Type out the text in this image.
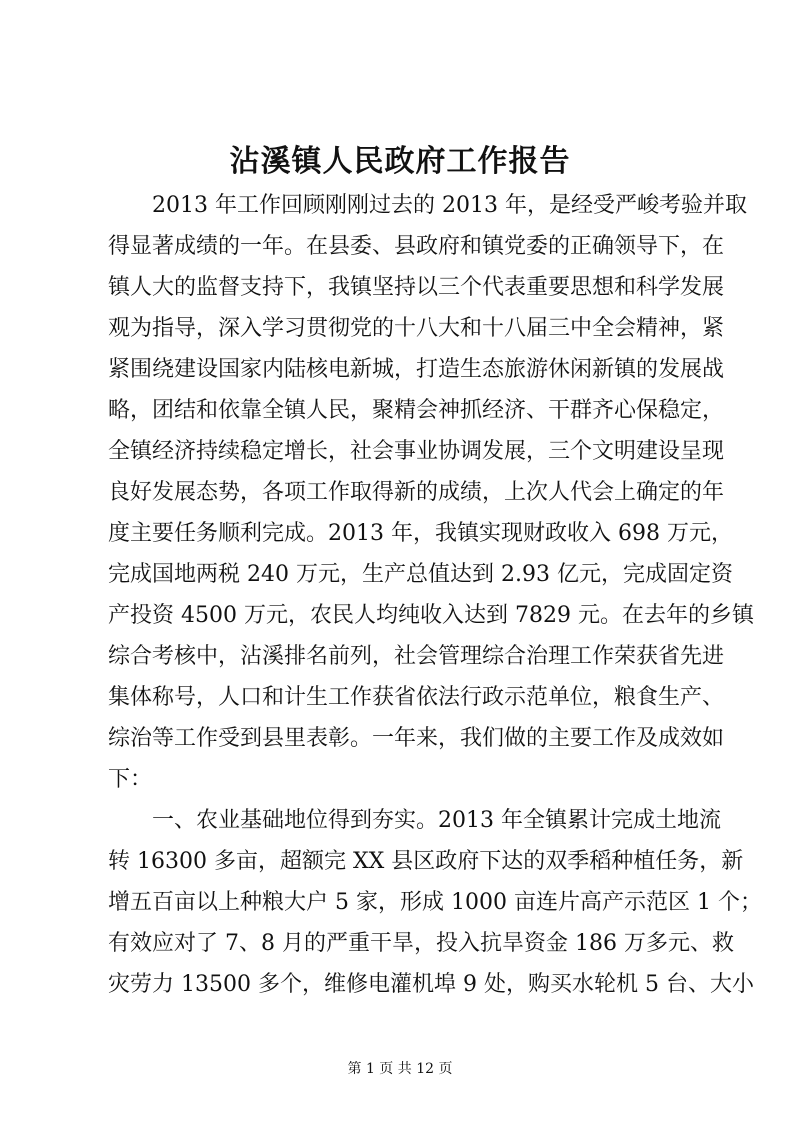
沾溪镇人民政府工作报告
　　2013 年工作回顾刚刚过去的 2013 年，是经受严峻考验并取
得显著成绩的一年。在县委、县政府和镇党委的正确领导下，在
镇人大的监督支持下，我镇坚持以三个代表重要思想和科学发展
观为指导，深入学习贯彻党的十八大和十八届三中全会精神，紧
紧围绕建设国家内陆核电新城，打造生态旅游休闲新镇的发展战
略，团结和依靠全镇人民，聚精会神抓经济、干群齐心保稳定，
全镇经济持续稳定增长，社会事业协调发展，三个文明建设呈现
良好发展态势，各项工作取得新的成绩，上次人代会上确定的年
度主要任务顺利完成。2013 年，我镇实现财政收入 698 万元，
完成国地两税 240 万元，生产总值达到 2.93 亿元，完成固定资
产投资 4500 万元，农民人均纯收入达到 7829 元。在去年的乡镇
综合考核中，沾溪排名前列，社会管理综合治理工作荣获省先进
集体称号，人口和计生工作获省依法行政示范单位，粮食生产、
综治等工作受到县里表彰。一年来，我们做的主要工作及成效如
下：
　　一、农业基础地位得到夯实。2013 年全镇累计完成土地流
转 16300 多亩，超额完 XX 县区政府下达的双季稻种植任务，新
增五百亩以上种粮大户 5 家，形成 1000 亩连片高产示范区 1 个；
有效应对了 7、8 月的严重干旱，投入抗旱资金 186 万多元、救
灾劳力 13500 多个，维修电灌机埠 9 处，购买水轮机 5 台、大小
第 1 页 共 12 页
